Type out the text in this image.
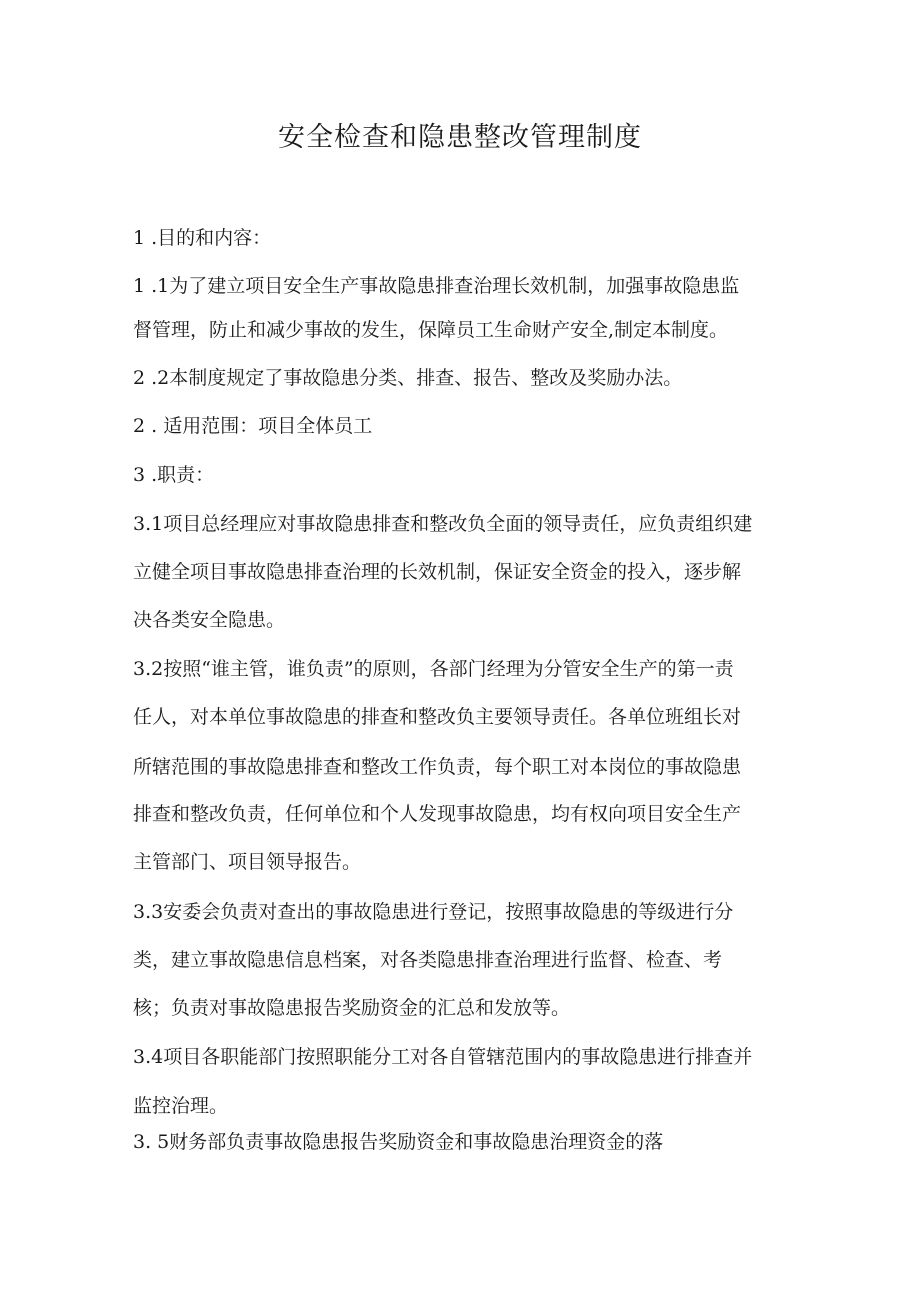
安全检查和隐患整改管理制度

1 .目的和内容：

1 .1为了建立项目安全生产事故隐患排查治理长效机制，加强事故隐患监

督管理，防止和减少事故的发生，保障员工生命财产安全,制定本制度。

2 .2本制度规定了事故隐患分类、排查、报告、整改及奖励办法。

2 . 适用范围：项目全体员工

3 .职责：

3.1项目总经理应对事故隐患排查和整改负全面的领导责任，应负责组织建

立健全项目事故隐患排查治理的长效机制，保证安全资金的投入，逐步解

决各类安全隐患。

3.2按照“谁主管，谁负责”的原则，各部门经理为分管安全生产的第一责

任人，对本单位事故隐患的排查和整改负主要领导责任。各单位班组长对

所辖范围的事故隐患排查和整改工作负责，每个职工对本岗位的事故隐患

排查和整改负责，任何单位和个人发现事故隐患，均有权向项目安全生产

主管部门、项目领导报告。

3.3安委会负责对查出的事故隐患进行登记，按照事故隐患的等级进行分

类，建立事故隐患信息档案，对各类隐患排查治理进行监督、检查、考

核；负责对事故隐患报告奖励资金的汇总和发放等。

3.4项目各职能部门按照职能分工对各自管辖范围内的事故隐患进行排查并

监控治理。

3. 5财务部负责事故隐患报告奖励资金和事故隐患治理资金的落
